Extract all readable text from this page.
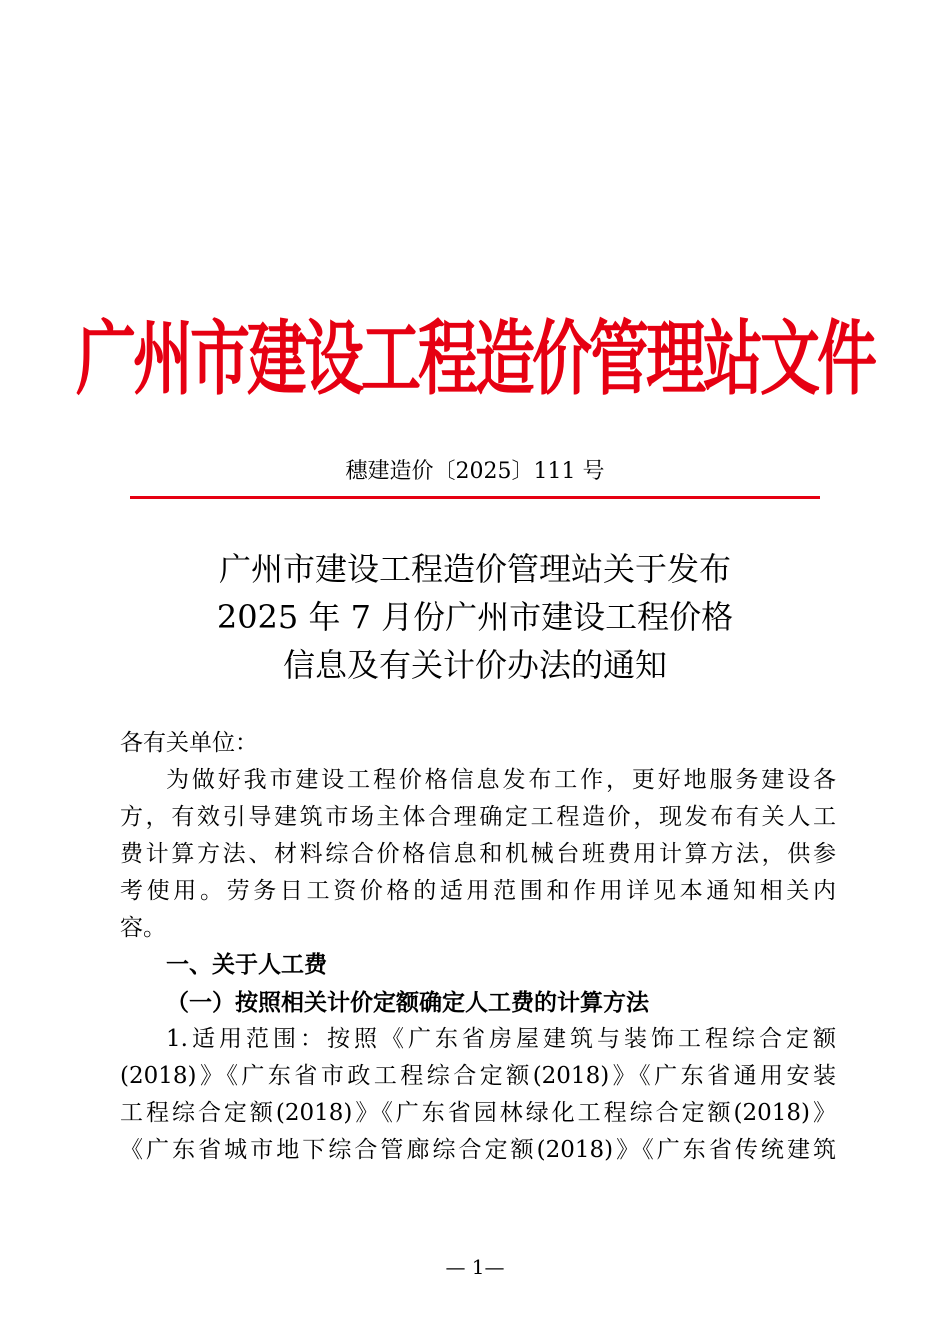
广州市建设工程造价管理站文件
穗建造价〔2025〕111 号
广州市建设工程造价管理站关于发布
2025 年 7 月份广州市建设工程价格
信息及有关计价办法的通知
各有关单位：
为做好我市建设工程价格信息发布工作，更好地服务建设各
方，有效引导建筑市场主体合理确定工程造价，现发布有关人工
费计算方法、材料综合价格信息和机械台班费用计算方法，供参
考使用。劳务日工资价格的适用范围和作用详见本通知相关内
容。
一、关于人工费
（一）按照相关计价定额确定人工费的计算方法
1.适用范围：按照《广东省房屋建筑与装饰工程综合定额
(2018)》《广东省市政工程综合定额(2018)》《广东省通用安装
工程综合定额(2018)》《广东省园林绿化工程综合定额(2018)》
《广东省城市地下综合管廊综合定额(2018)》《广东省传统建筑
— 1—
